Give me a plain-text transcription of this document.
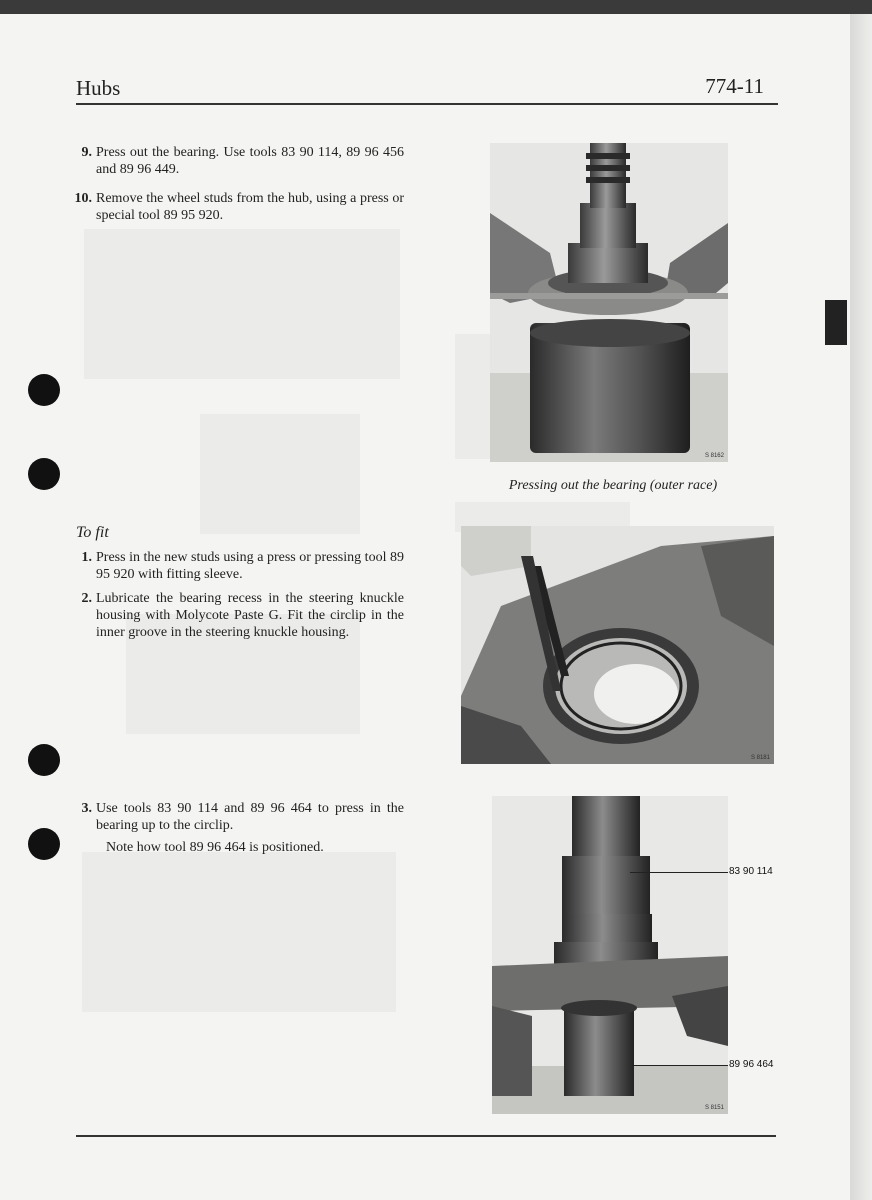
Hubs	774-11
9. Press out the bearing. Use tools 83 90 114, 89 96 456 and 89 96 449.
10. Remove the wheel studs from the hub, using a press or special tool 89 95 920.
To fit
1. Press in the new studs using a press or pressing tool 89 95 920 with fitting sleeve.
2. Lubricate the bearing recess in the steering knuckle housing with Molycote Paste G. Fit the circlip in the inner groove in the steering knuckle housing.
3. Use tools 83 90 114 and 89 96 464 to press in the bearing up to the circlip.
Note how tool 89 96 464 is positioned.
S 8162
Pressing out the bearing (outer race)
S 8181
S 8151
83 90 114
89 96 464
